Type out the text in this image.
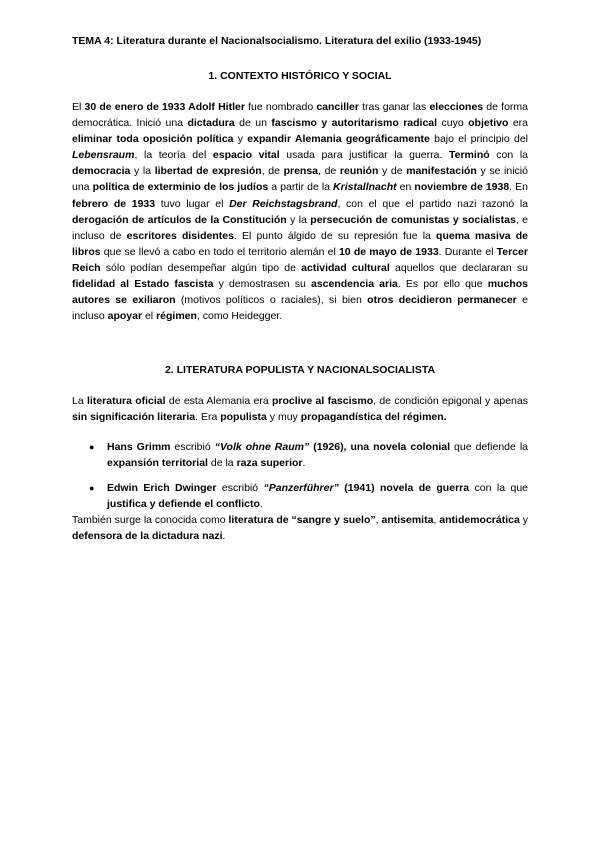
TEMA 4: Literatura durante el Nacionalsocialismo. Literatura del exilio (1933-1945)
1. CONTEXTO HISTÓRICO Y SOCIAL

El 30 de enero de 1933 Adolf Hitler fue nombrado canciller tras ganar las elecciones de forma democrática. Inició una dictadura de un fascismo y autoritarismo radical cuyo objetivo era eliminar toda oposición política y expandir Alemania geográficamente bajo el principio del Lebensraum, la teoría del espacio vital usada para justificar la guerra. Terminó con la democracia y la libertad de expresión, de prensa, de reunión y de manifestación y se inició una política de exterminio de los judíos a partir de la Kristallnacht en noviembre de 1938. En febrero de 1933 tuvo lugar el Der Reichstagsbrand, con el que el partido nazi razonó la derogación de artículos de la Constitución y la persecución de comunistas y socialistas, e incluso de escritores disidentes. El punto álgido de su represión fue la quema masiva de libros que se llevó a cabo en todo el territorio alemán el 10 de mayo de 1933. Durante el Tercer Reich sólo podían desempeñar algún tipo de actividad cultural aquellos que declararan su fidelidad al Estado fascista y demostrasen su ascendencia aria. Es por ello que muchos autores se exiliaron (motivos políticos o raciales), si bien otros decidieron permanecer e incluso apoyar el régimen, como Heidegger.

2. LITERATURA POPULISTA Y NACIONALSOCIALISTA

La literatura oficial de esta Alemania era proclive al fascismo, de condición epigonal y apenas sin significación literaria. Era populista y muy propagandística del régimen.

● Hans Grimm escribió “Volk ohne Raum” (1926), una novela colonial que defiende la expansión territorial de la raza superior.
● Edwin Erich Dwinger escribió “Panzerführer” (1941) novela de guerra con la que justifica y defiende el conflicto.

También surge la conocida como literatura de “sangre y suelo”, antisemita, antidemocrática y defensora de la dictadura nazi.
